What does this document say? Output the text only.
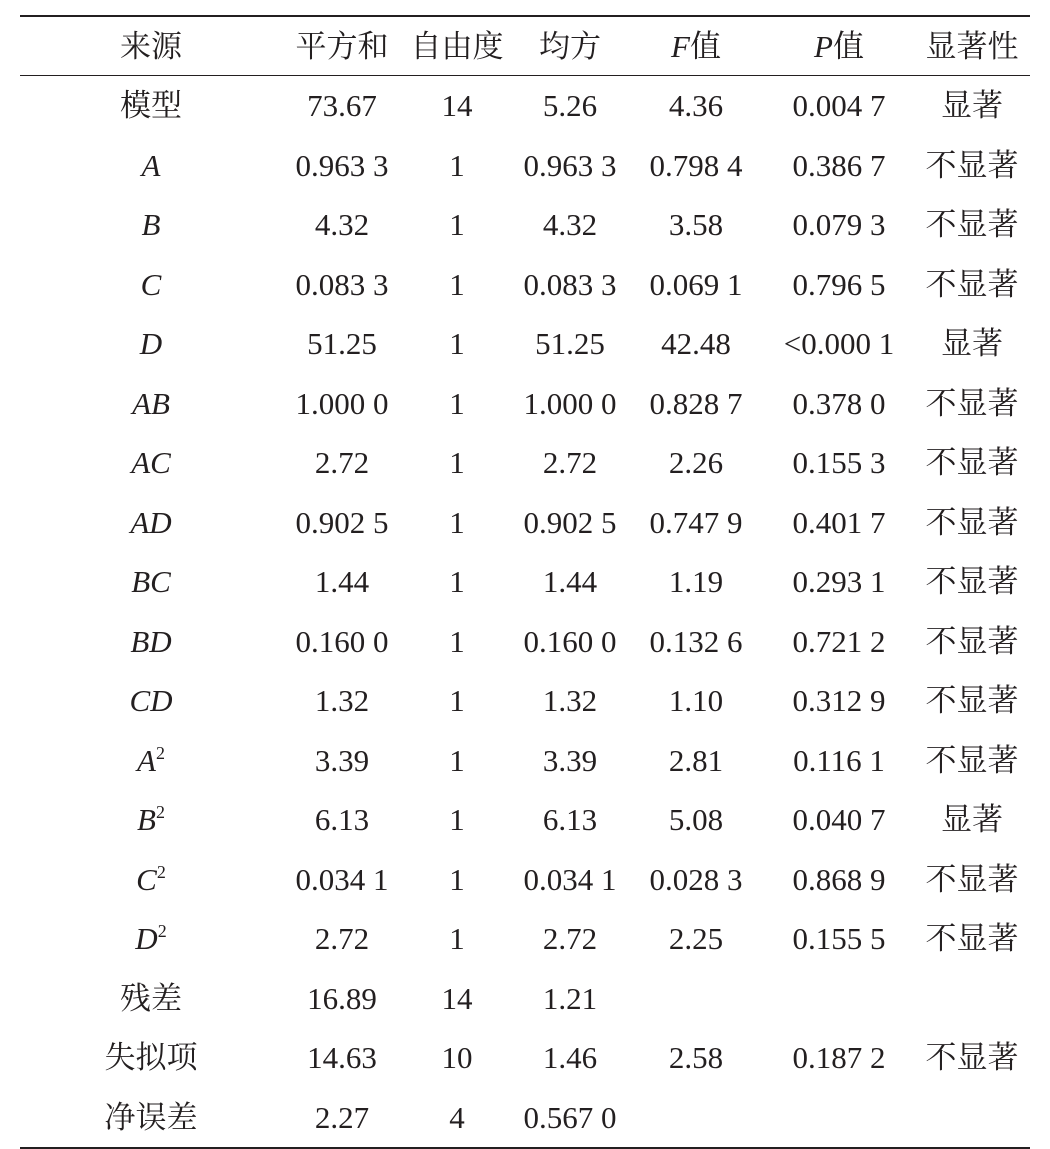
来源	平方和 自由度	均方	F值	P值	显著性
模型	73.67	14	5.26	4.36	0.004 7	显著
A	0.963 3	1	0.963 3	0.798 4	0.386 7	不显著
B	4.32	1	4.32	3.58	0.079 3	不显著
C	0.083 3	1	0.083 3	0.069 1	0.796 5	不显著
D	51.25	1	51.25	42.48	<0.000 1	显著
AB	1.000 0	1	1.000 0	0.828 7	0.378 0	不显著
AC	2.72	1	2.72	2.26	0.155 3	不显著
AD	0.902 5	1	0.902 5	0.747 9	0.401 7	不显著
BC	1.44	1	1.44	1.19	0.293 1	不显著
BD	0.160 0	1	0.160 0	0.132 6	0.721 2	不显著
CD	1.32	1	1.32	1.10	0.312 9	不显著
$A^2$	3.39	1	3.39	2.81	0.116 1	不显著
$B^2$	6.13	1	6.13	5.08	0.040 7	显著
$C^2$	0.034 1	1	0.034 1	0.028 3	0.868 9	不显著
$D^2$	2.72	1	2.72	2.25	0.155 5	不显著
残差	16.89	14	1.21
失拟项	14.63	10	1.46	2.58	0.187 2	不显著
净误差	2.27	4	0.567 0
